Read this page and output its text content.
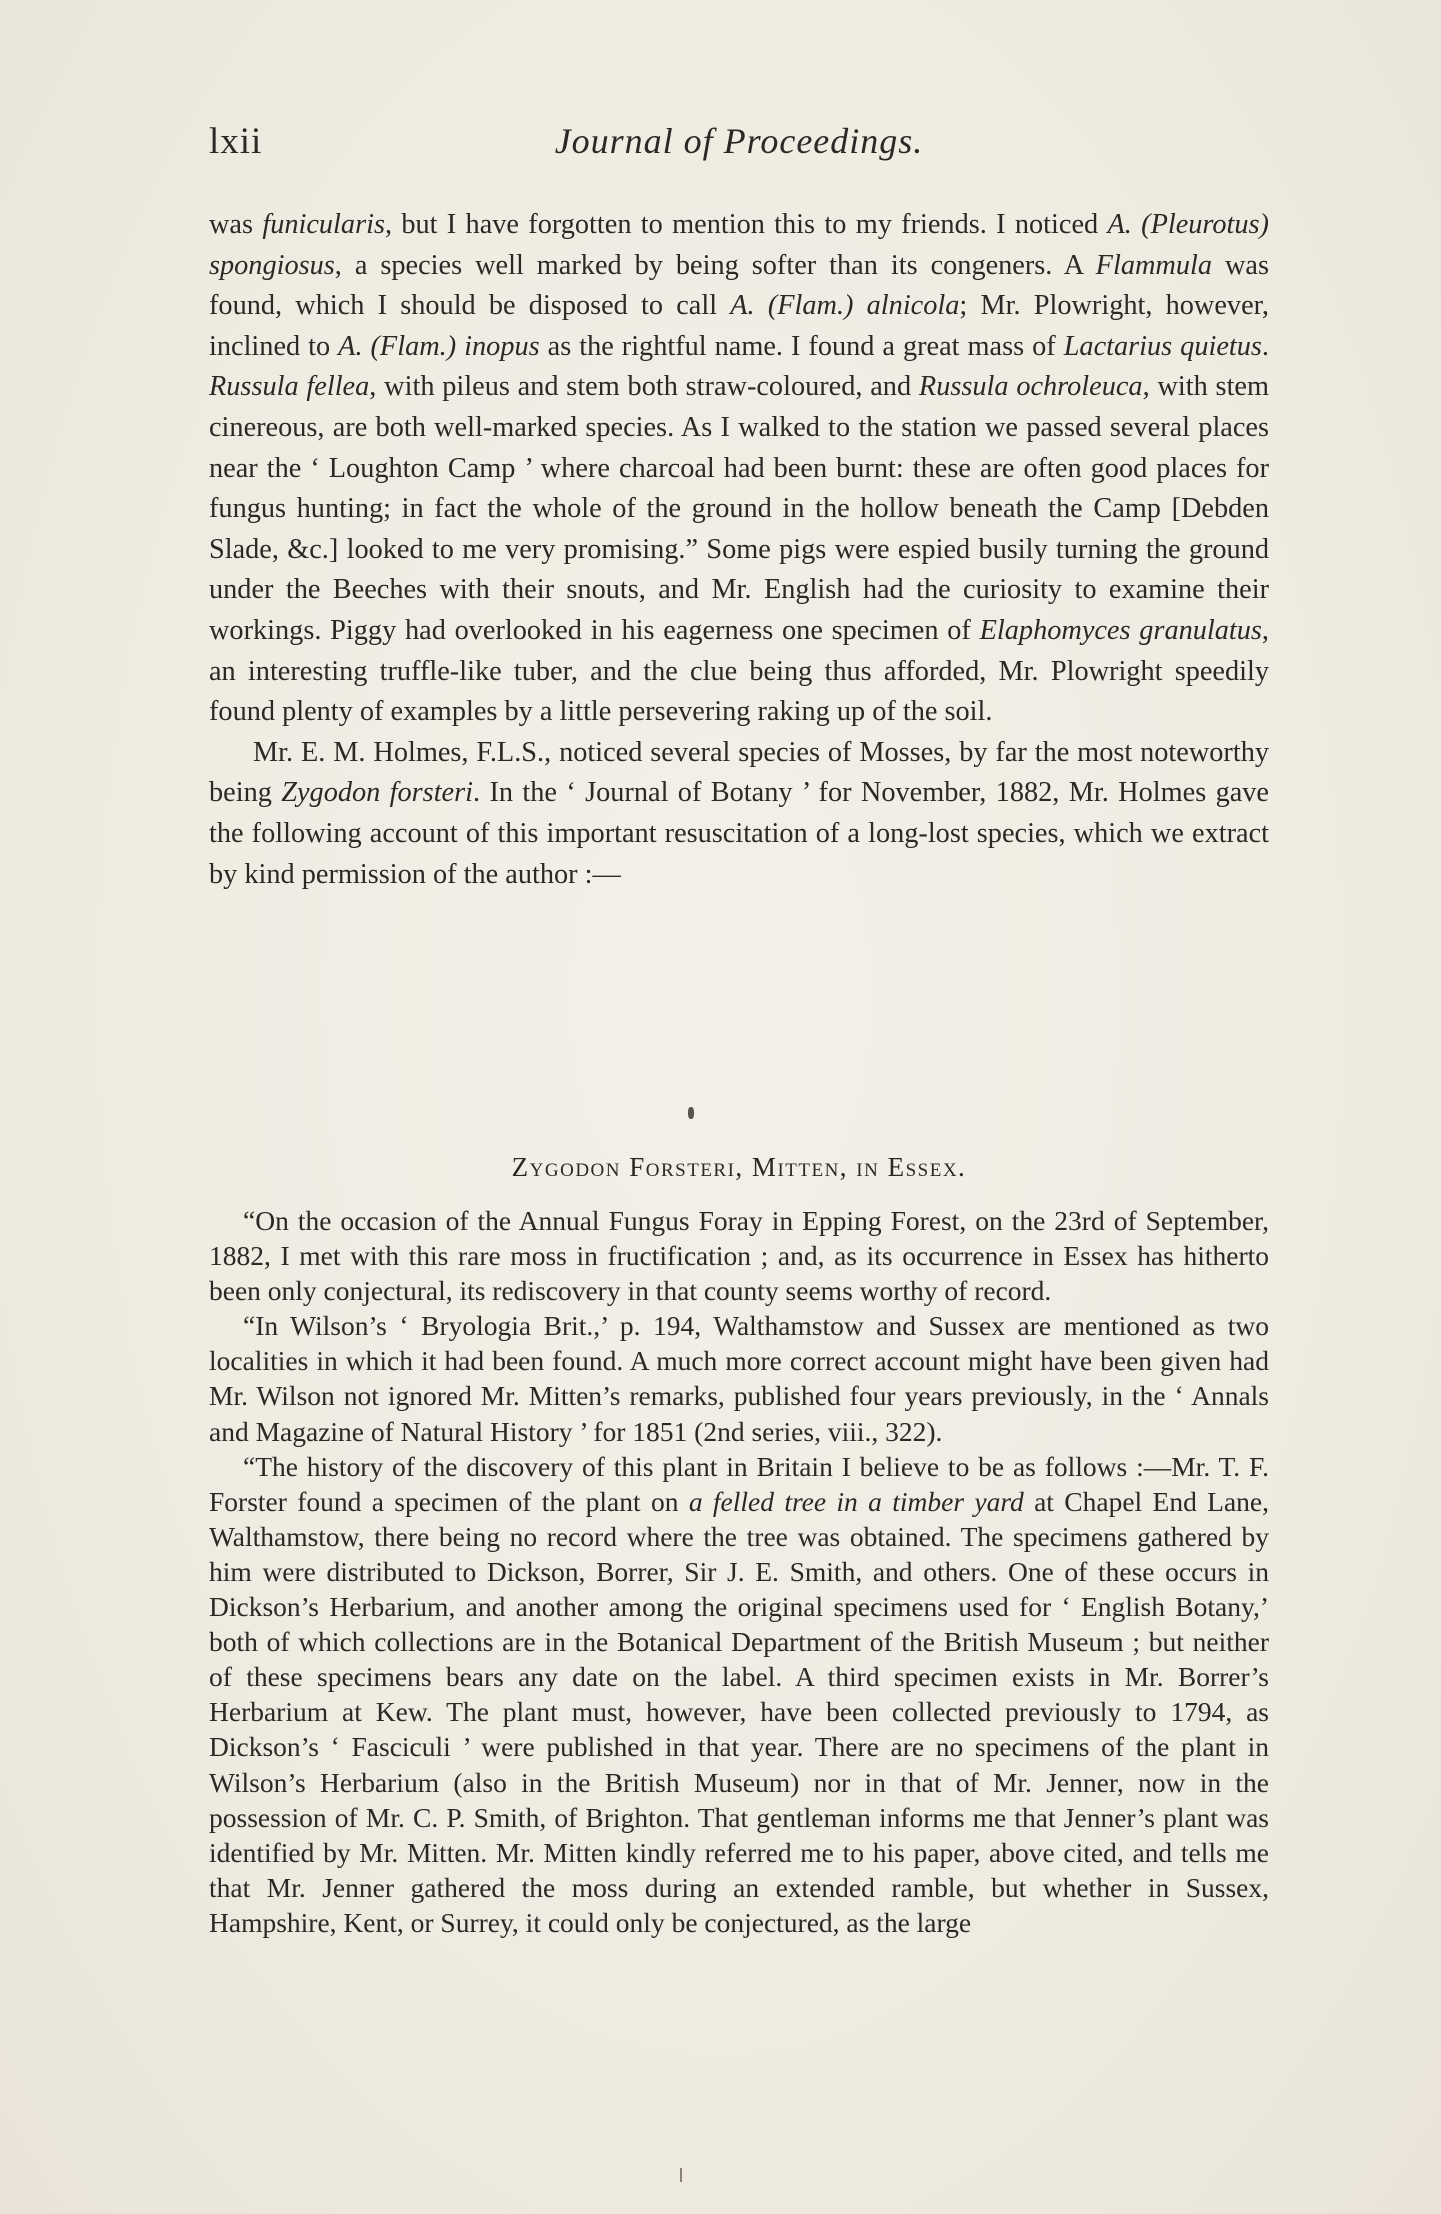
lxii	Journal of Proceedings.

was funicularis, but I have forgotten to mention this to my friends. I noticed A. (Pleurotus) spongiosus, a species well marked by being softer than its congeners. A Flammula was found, which I should be disposed to call A. (Flam.) alnicola; Mr. Plowright, however, inclined to A. (Flam.) inopus as the rightful name. I found a great mass of Lactarius quietus. Russula fellea, with pileus and stem both straw-coloured, and Russula ochroleuca, with stem cinereous, are both well-marked species. As I walked to the station we passed several places near the ‘ Loughton Camp ’ where charcoal had been burnt: these are often good places for fungus hunting; in fact the whole of the ground in the hollow beneath the Camp [Debden Slade, &c.] looked to me very promising.” Some pigs were espied busily turning the ground under the Beeches with their snouts, and Mr. English had the curiosity to examine their workings. Piggy had overlooked in his eagerness one specimen of Elaphomyces granulatus, an interesting truffle-like tuber, and the clue being thus afforded, Mr. Plowright speedily found plenty of examples by a little persevering raking up of the soil.

Mr. E. M. Holmes, F.L.S., noticed several species of Mosses, by far the most noteworthy being Zygodon forsteri. In the ‘ Journal of Botany ’ for November, 1882, Mr. Holmes gave the following account of this important resuscitation of a long-lost species, which we extract by kind permission of the author :—

Zygodon Forsteri, Mitten, in Essex.

“On the occasion of the Annual Fungus Foray in Epping Forest, on the 23rd of September, 1882, I met with this rare moss in fructification ; and, as its occurrence in Essex has hitherto been only conjectural, its rediscovery in that county seems worthy of record.

“In Wilson’s ‘ Bryologia Brit.,’ p. 194, Walthamstow and Sussex are mentioned as two localities in which it had been found. A much more correct account might have been given had Mr. Wilson not ignored Mr. Mitten’s remarks, published four years previously, in the ‘ Annals and Magazine of Natural History ’ for 1851 (2nd series, viii., 322).

“The history of the discovery of this plant in Britain I believe to be as follows :—Mr. T. F. Forster found a specimen of the plant on a felled tree in a timber yard at Chapel End Lane, Walthamstow, there being no record where the tree was obtained. The specimens gathered by him were distributed to Dickson, Borrer, Sir J. E. Smith, and others. One of these occurs in Dickson’s Herbarium, and another among the original specimens used for ‘ English Botany,’ both of which collections are in the Botanical Department of the British Museum ; but neither of these specimens bears any date on the label. A third specimen exists in Mr. Borrer’s Herbarium at Kew. The plant must, however, have been collected previously to 1794, as Dickson’s ‘ Fasciculi ’ were published in that year. There are no specimens of the plant in Wilson’s Herbarium (also in the British Museum) nor in that of Mr. Jenner, now in the possession of Mr. C. P. Smith, of Brighton. That gentleman informs me that Jenner’s plant was identified by Mr. Mitten. Mr. Mitten kindly referred me to his paper, above cited, and tells me that Mr. Jenner gathered the moss during an extended ramble, but whether in Sussex, Hampshire, Kent, or Surrey, it could only be conjectured, as the large
